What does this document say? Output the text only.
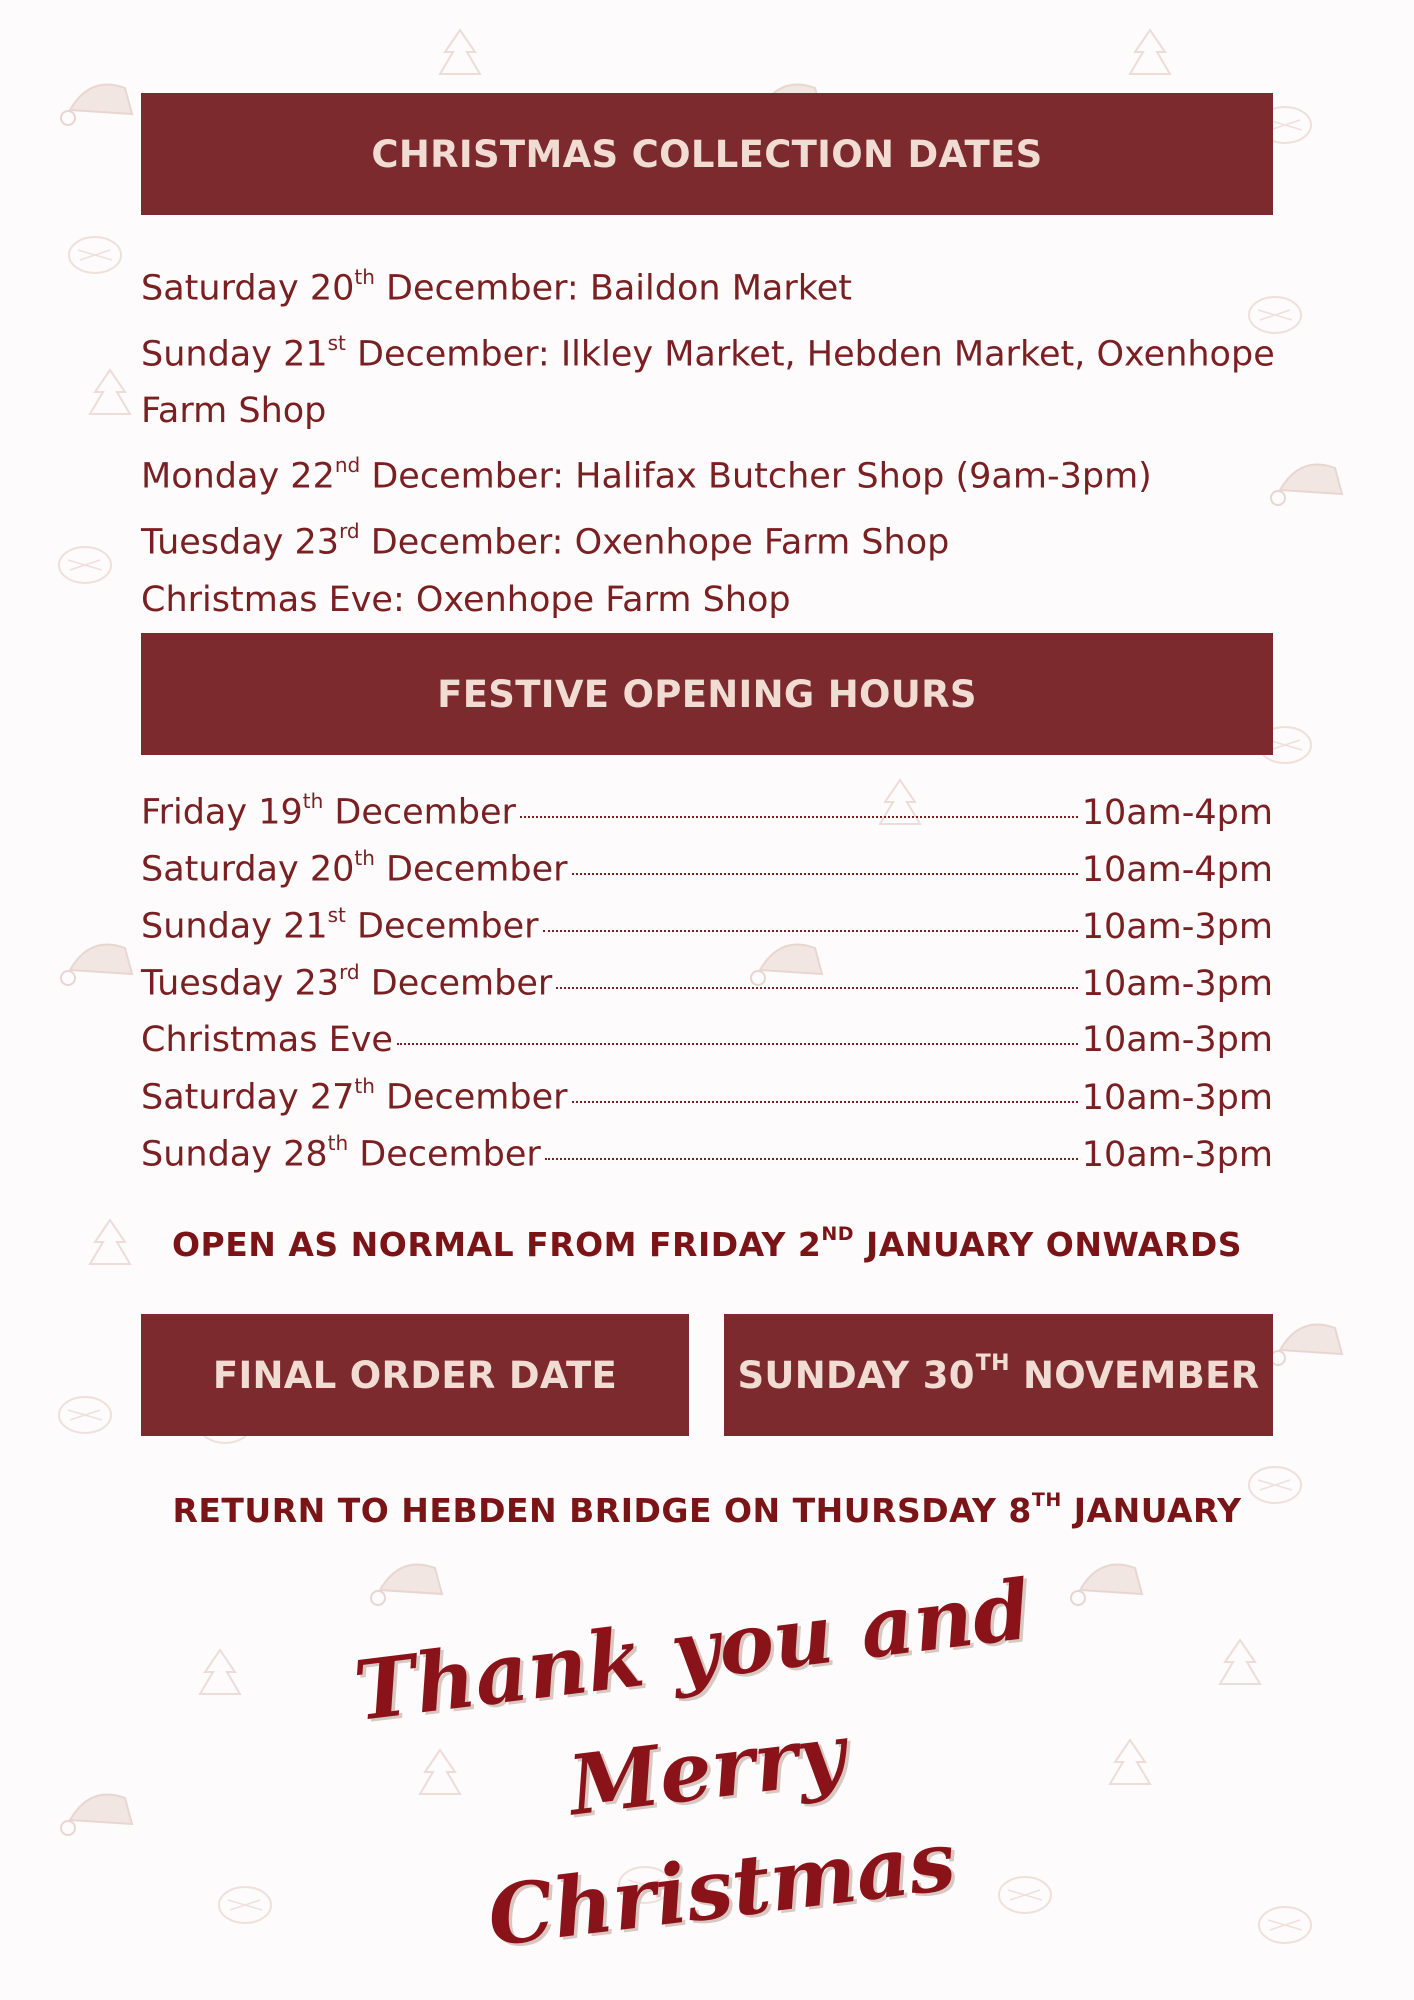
CHRISTMAS COLLECTION DATES
Saturday 20th December: Baildon Market
Sunday 21st December: Ilkley Market, Hebden Market, Oxenhope
Farm Shop
Monday 22nd December: Halifax Butcher Shop (9am-3pm)
Tuesday 23rd December: Oxenhope Farm Shop
Christmas Eve: Oxenhope Farm Shop
FESTIVE OPENING HOURS
Friday 19th December	10am-4pm
Saturday 20th December	10am-4pm
Sunday 21st December	10am-3pm
Tuesday 23rd December	10am-3pm
Christmas Eve	10am-3pm
Saturday 27th December	10am-3pm
Sunday 28th December	10am-3pm
OPEN AS NORMAL FROM FRIDAY 2ND JANUARY ONWARDS
FINAL ORDER DATE	SUNDAY 30TH NOVEMBER
RETURN TO HEBDEN BRIDGE ON THURSDAY 8TH JANUARY
Thank you and Merry
Christmas
